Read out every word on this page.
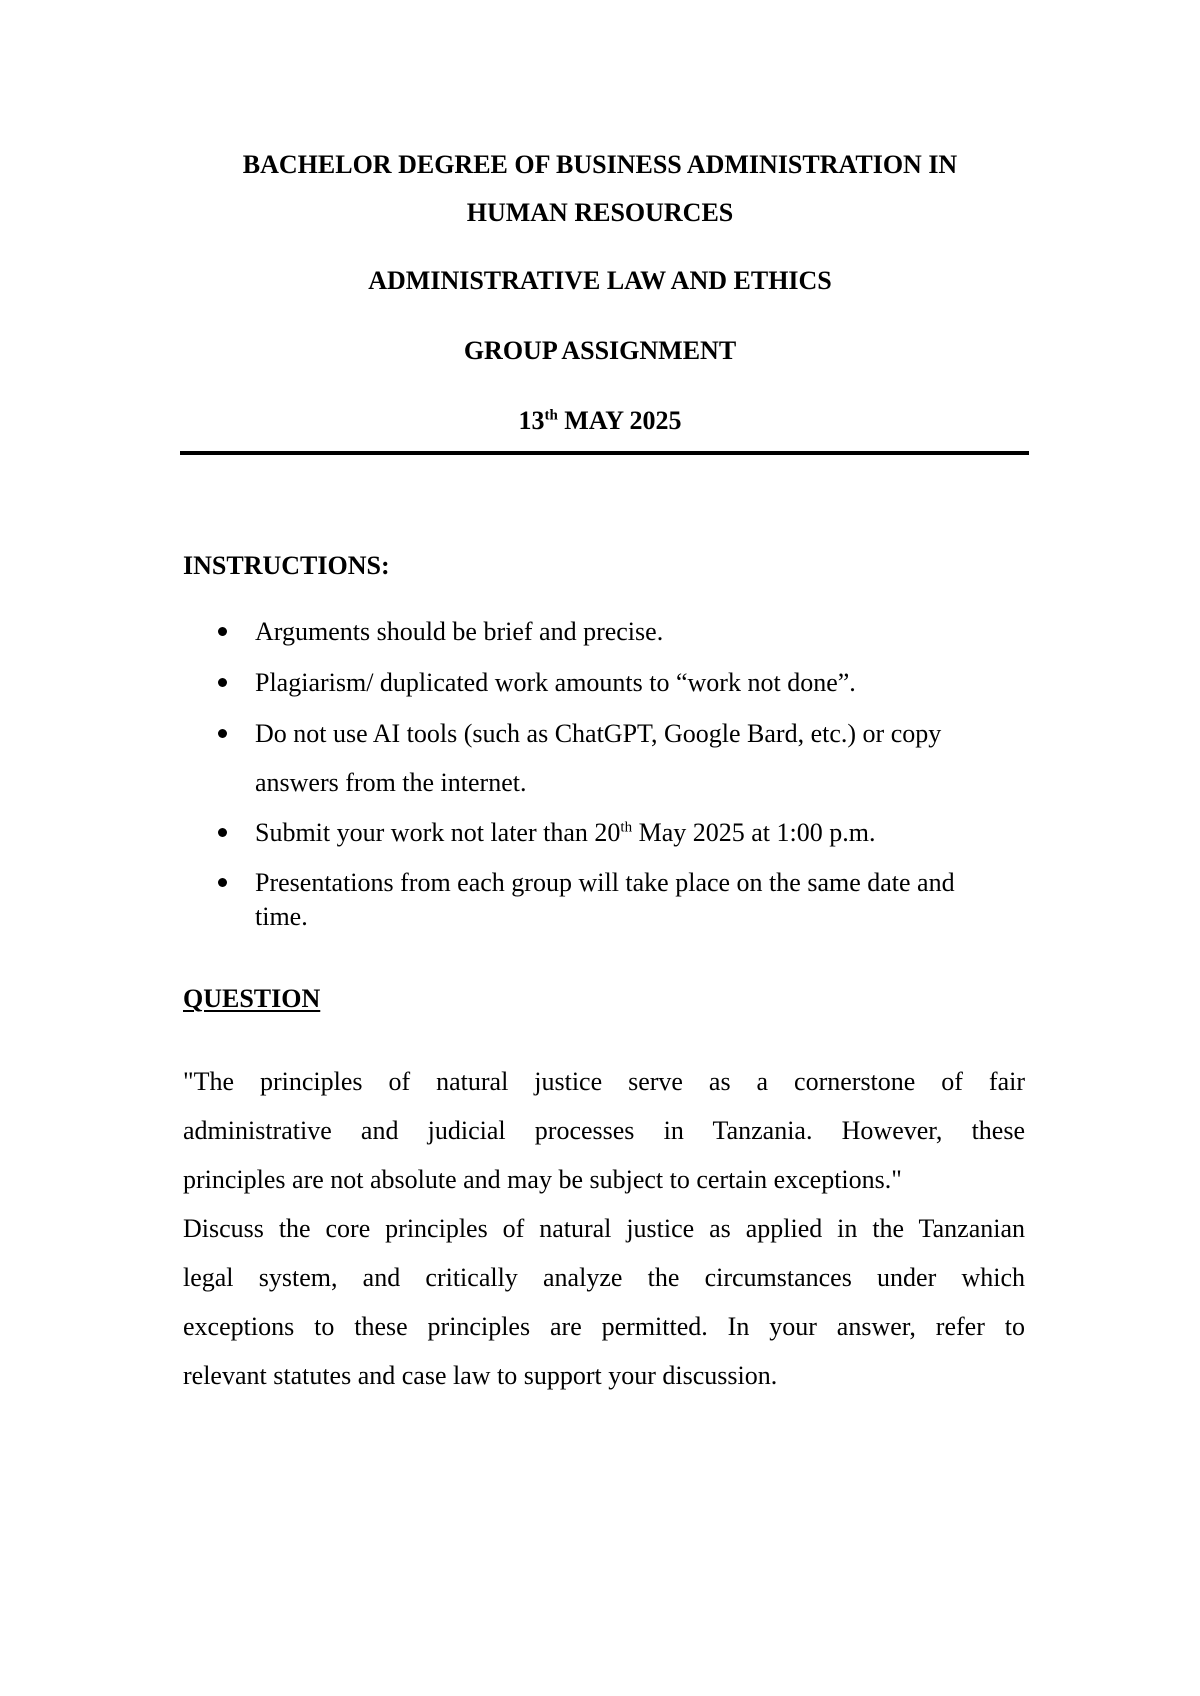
BACHELOR DEGREE OF BUSINESS ADMINISTRATION IN
HUMAN RESOURCES
ADMINISTRATIVE LAW AND ETHICS
GROUP ASSIGNMENT
13th MAY 2025
INSTRUCTIONS:
Arguments should be brief and precise.
Plagiarism/ duplicated work amounts to “work not done”.
Do not use AI tools (such as ChatGPT, Google Bard, etc.) or copy
answers from the internet.
Submit your work not later than 20th May 2025 at 1:00 p.m.
Presentations from each group will take place on the same date and
time.
QUESTION
"The principles of natural justice serve as a cornerstone of fair
administrative and judicial processes in Tanzania. However, these
principles are not absolute and may be subject to certain exceptions."
Discuss the core principles of natural justice as applied in the Tanzanian
legal system, and critically analyze the circumstances under which
exceptions to these principles are permitted. In your answer, refer to
relevant statutes and case law to support your discussion.
